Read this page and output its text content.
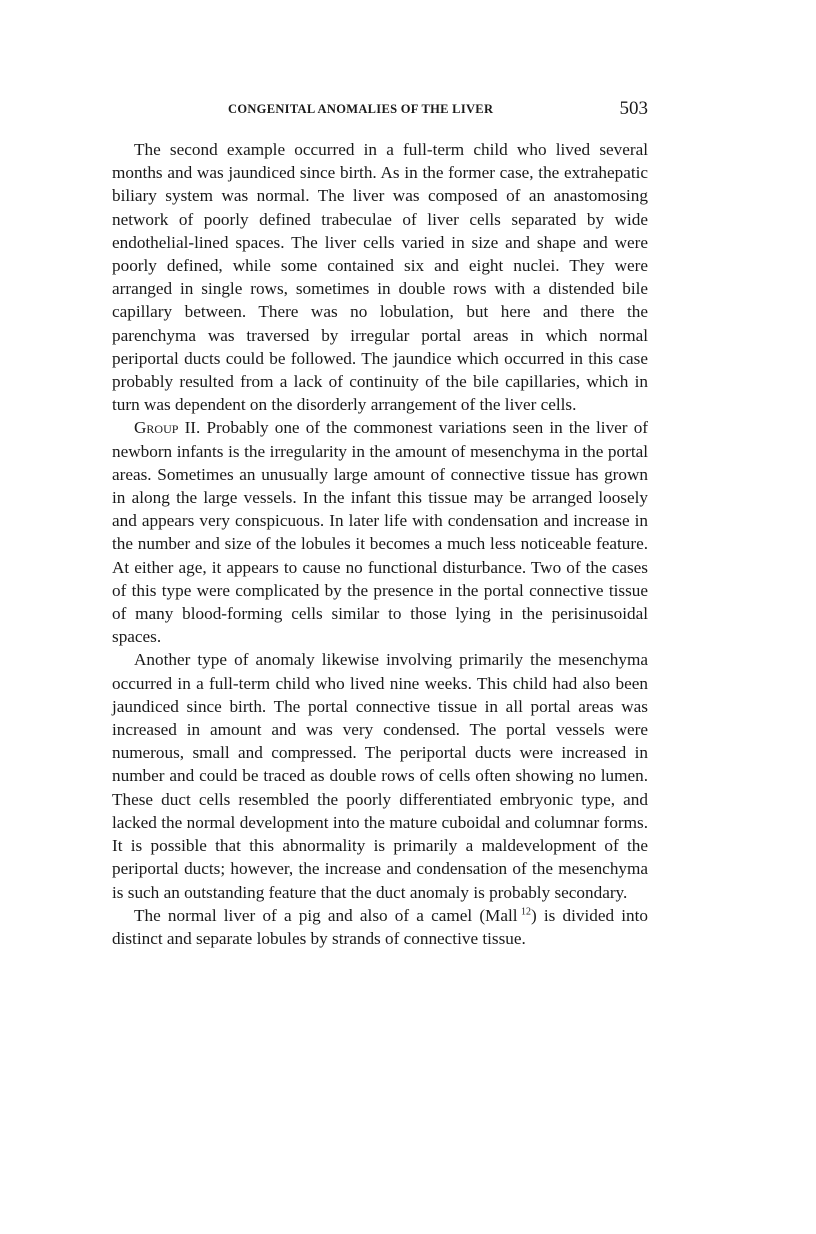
CONGENITAL ANOMALIES OF THE LIVER	503

The second example occurred in a full-term child who lived several months and was jaundiced since birth. As in the former case, the extrahepatic biliary system was normal. The liver was composed of an anastomosing network of poorly defined trabeculae of liver cells separated by wide endothelial-lined spaces. The liver cells varied in size and shape and were poorly defined, while some contained six and eight nuclei. They were arranged in single rows, sometimes in double rows with a distended bile capillary between. There was no lobulation, but here and there the parenchyma was traversed by irregular portal areas in which normal periportal ducts could be followed. The jaundice which occurred in this case probably resulted from a lack of continuity of the bile capillaries, which in turn was dependent on the disorderly arrangement of the liver cells.

Group II. Probably one of the commonest variations seen in the liver of newborn infants is the irregularity in the amount of mesenchyma in the portal areas. Sometimes an unusually large amount of connective tissue has grown in along the large vessels. In the infant this tissue may be arranged loosely and appears very conspicuous. In later life with condensation and increase in the number and size of the lobules it becomes a much less noticeable feature. At either age, it appears to cause no functional disturbance. Two of the cases of this type were complicated by the presence in the portal connective tissue of many blood-forming cells similar to those lying in the perisinusoidal spaces.

Another type of anomaly likewise involving primarily the mesenchyma occurred in a full-term child who lived nine weeks. This child had also been jaundiced since birth. The portal connective tissue in all portal areas was increased in amount and was very condensed. The portal vessels were numerous, small and compressed. The periportal ducts were increased in number and could be traced as double rows of cells often showing no lumen. These duct cells resembled the poorly differentiated embryonic type, and lacked the normal development into the mature cuboidal and columnar forms. It is possible that this abnormality is primarily a maldevelopment of the periportal ducts; however, the increase and condensation of the mesenchyma is such an outstanding feature that the duct anomaly is probably secondary.

The normal liver of a pig and also of a camel (Mall  $^{12}$) is divided into distinct and separate lobules by strands of connective tissue.
